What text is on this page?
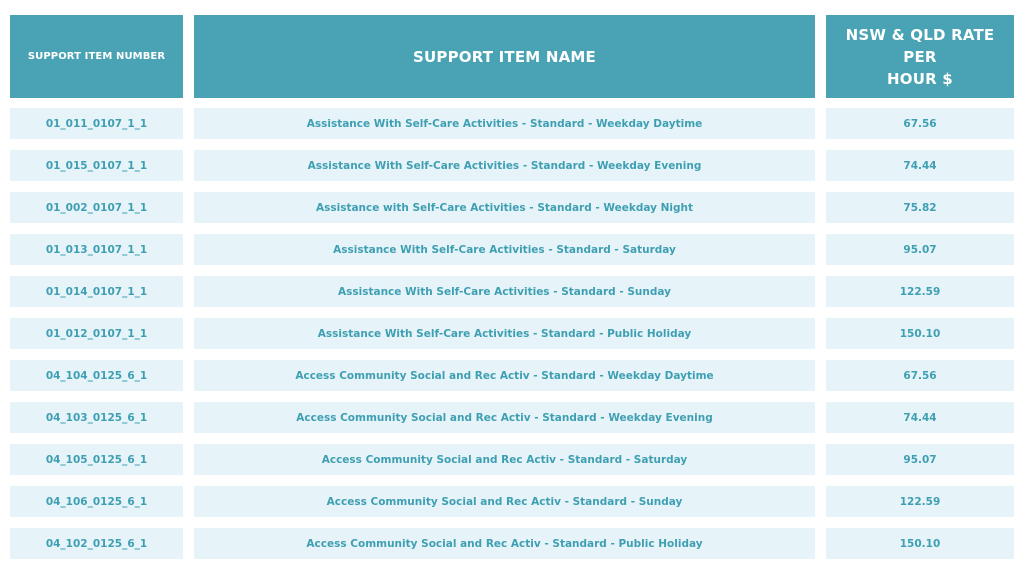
SUPPORT ITEM NUMBER	SUPPORT ITEM NAME
NSW & QLD RATE
PER
HOUR $
01_011_0107_1_1	Assistance With Self-Care Activities - Standard - Weekday Daytime	67.56
01_015_0107_1_1	Assistance With Self-Care Activities - Standard - Weekday Evening	74.44
01_002_0107_1_1	Assistance with Self-Care Activities - Standard - Weekday Night	75.82
01_013_0107_1_1	Assistance With Self-Care Activities - Standard - Saturday	95.07
01_014_0107_1_1	Assistance With Self-Care Activities - Standard - Sunday	122.59
01_012_0107_1_1	Assistance With Self-Care Activities - Standard - Public Holiday	150.10
04_104_0125_6_1	Access Community Social and Rec Activ - Standard - Weekday Daytime	67.56
04_103_0125_6_1	Access Community Social and Rec Activ - Standard - Weekday Evening	74.44
04_105_0125_6_1	Access Community Social and Rec Activ - Standard - Saturday	95.07
04_106_0125_6_1	Access Community Social and Rec Activ - Standard - Sunday	122.59
04_102_0125_6_1	Access Community Social and Rec Activ - Standard - Public Holiday	150.10
